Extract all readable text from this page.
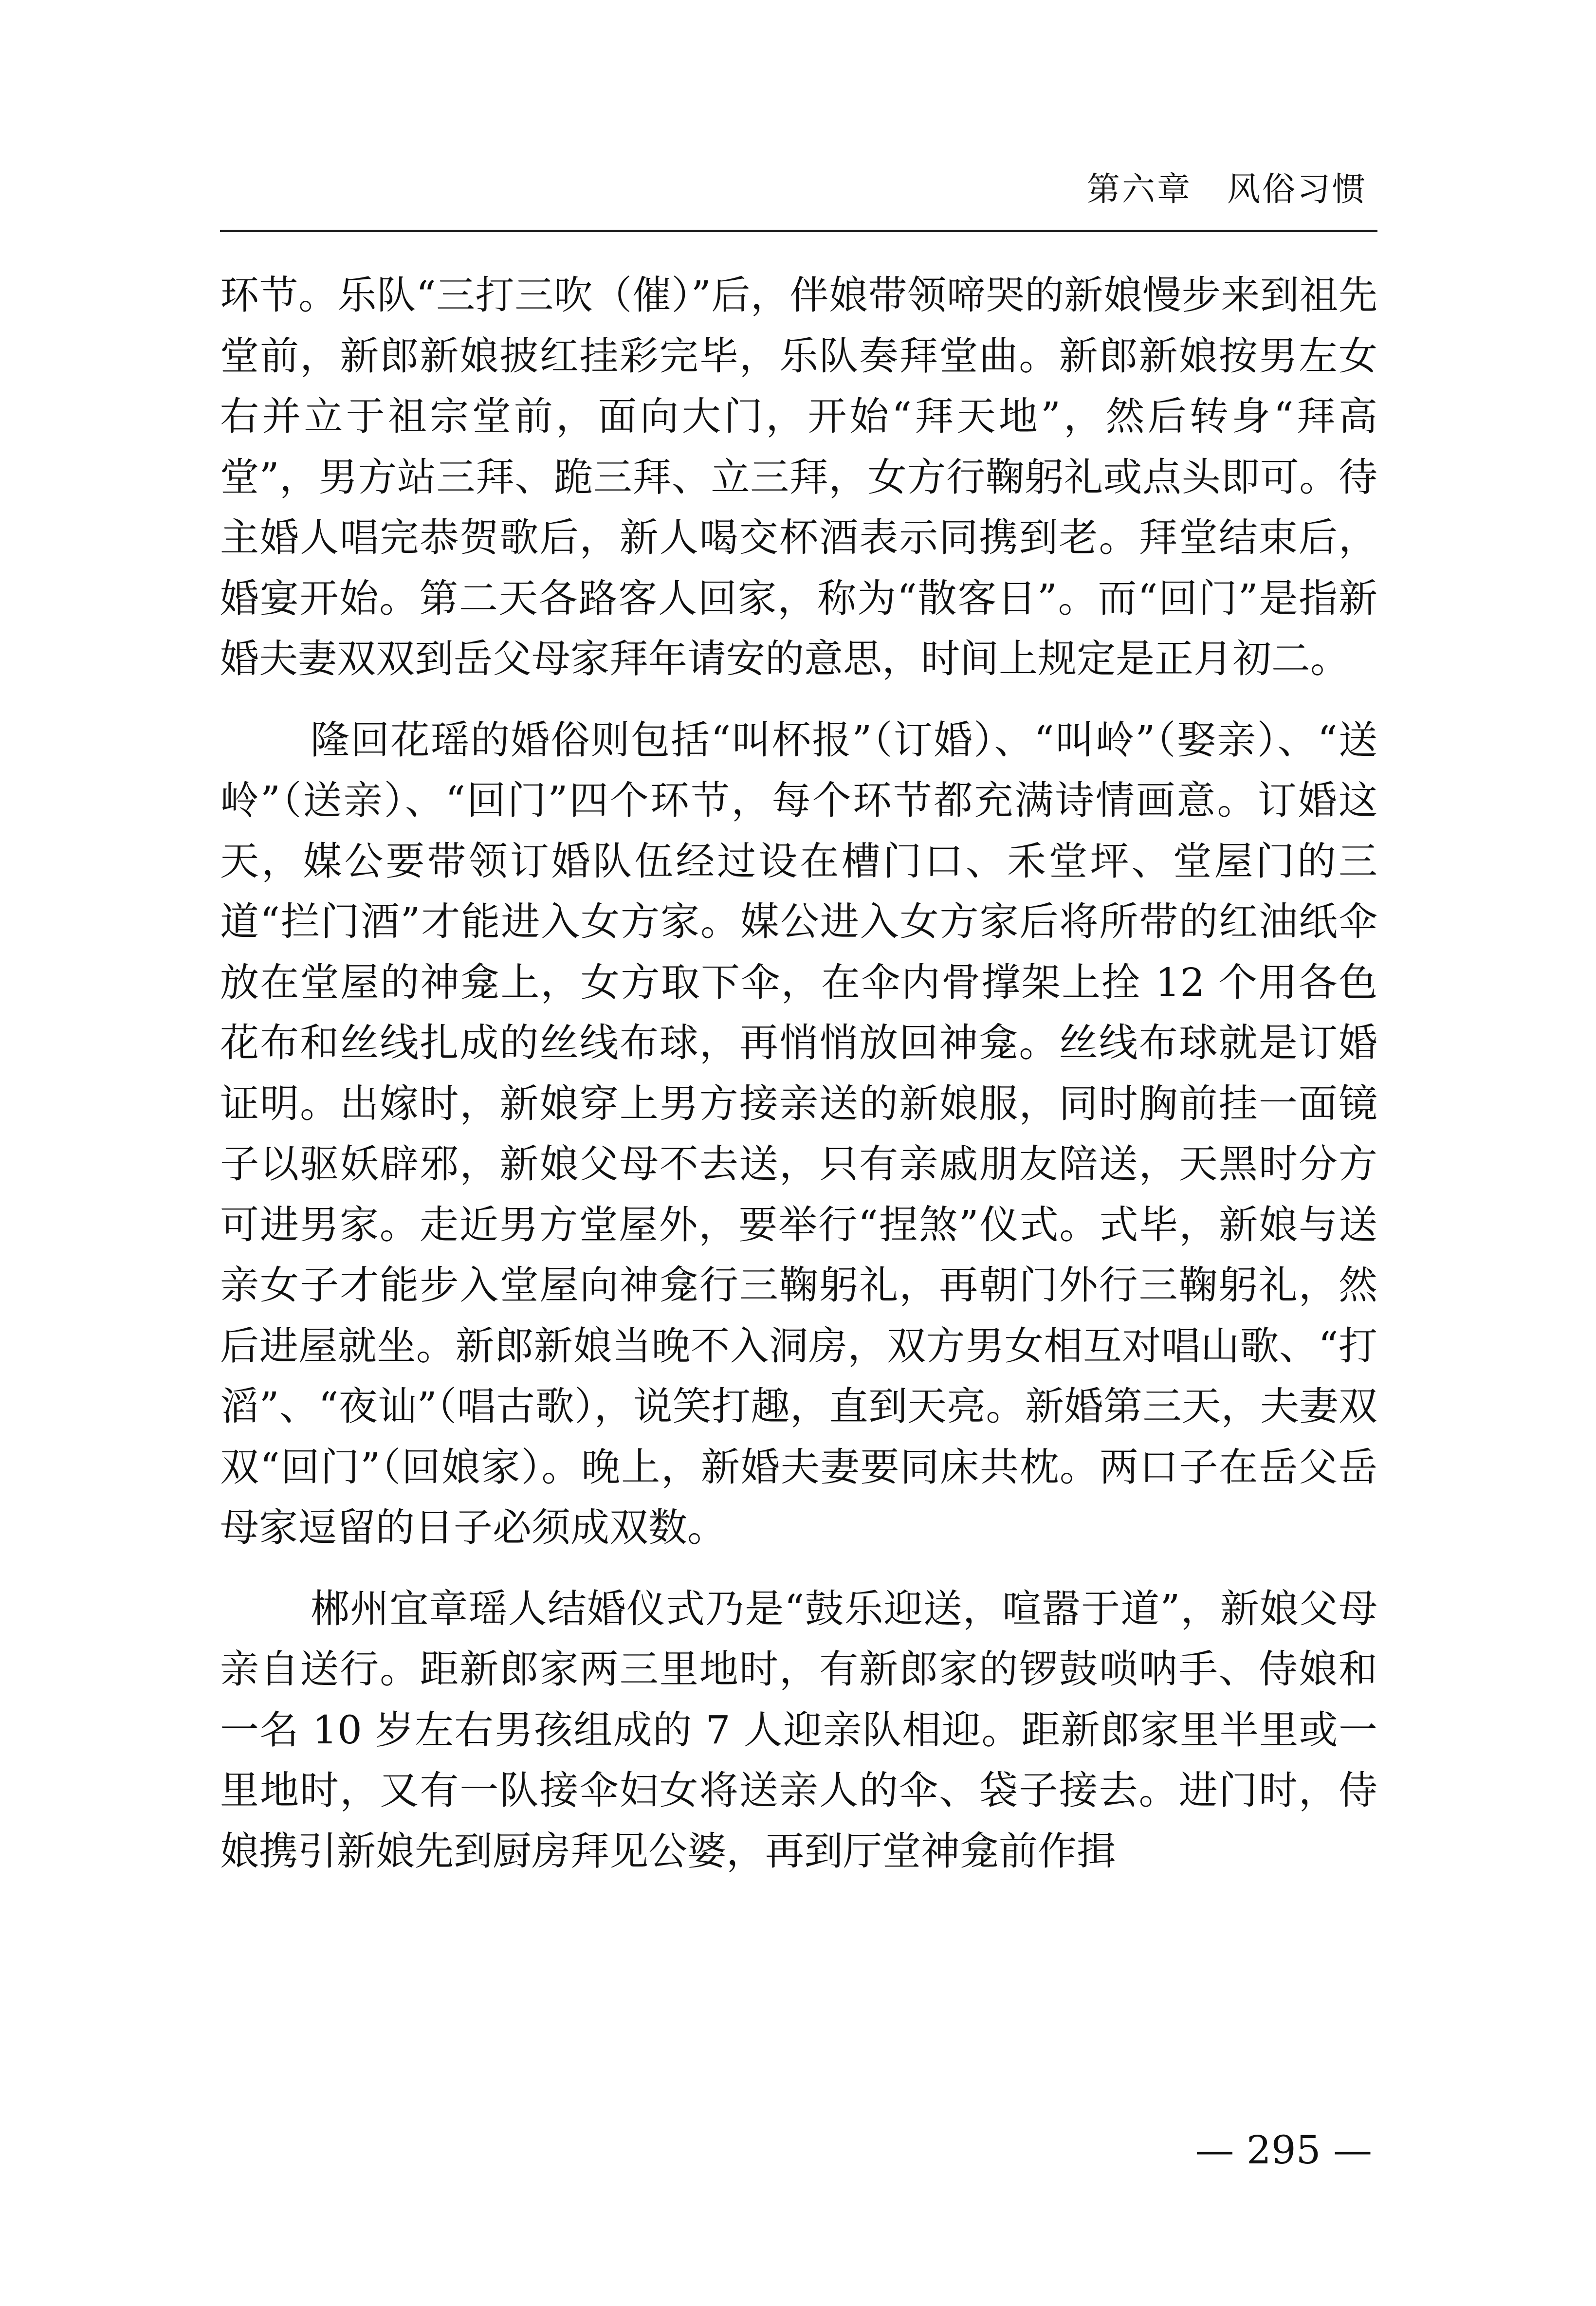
第六章　风俗习惯

环节。乐队“三打三吹（催）”后，伴娘带领啼哭的新娘慢步来到祖先堂前，新郎新娘披红挂彩完毕，乐队奏拜堂曲。新郎新娘按男左女右并立于祖宗堂前，面向大门，开始“拜天地”，然后转身“拜高堂”，男方站三拜、跪三拜、立三拜，女方行鞠躬礼或点头即可。待主婚人唱完恭贺歌后，新人喝交杯酒表示同携到老。拜堂结束后，婚宴开始。第二天各路客人回家，称为“散客日”。而“回门”是指新婚夫妻双双到岳父母家拜年请安的意思，时间上规定是正月初二。

隆回花瑶的婚俗则包括“叫杯报”（订婚）、“叫岭”（娶亲）、“送岭”（送亲）、“回门”四个环节，每个环节都充满诗情画意。订婚这天，媒公要带领订婚队伍经过设在槽门口、禾堂坪、堂屋门的三道“拦门酒”才能进入女方家。媒公进入女方家后将所带的红油纸伞放在堂屋的神龛上，女方取下伞，在伞内骨撑架上拴 12 个用各色花布和丝线扎成的丝线布球，再悄悄放回神龛。丝线布球就是订婚证明。出嫁时，新娘穿上男方接亲送的新娘服，同时胸前挂一面镜子以驱妖辟邪，新娘父母不去送，只有亲戚朋友陪送，天黑时分方可进男家。走近男方堂屋外，要举行“捏煞”仪式。式毕，新娘与送亲女子才能步入堂屋向神龛行三鞠躬礼，再朝门外行三鞠躬礼，然后进屋就坐。新郎新娘当晚不入洞房，双方男女相互对唱山歌、“打滔”、“夜讪”（唱古歌），说笑打趣，直到天亮。新婚第三天，夫妻双双“回门”（回娘家）。晚上，新婚夫妻要同床共枕。两口子在岳父岳母家逗留的日子必须成双数。

郴州宜章瑶人结婚仪式乃是“鼓乐迎送，喧嚣于道”，新娘父母亲自送行。距新郎家两三里地时，有新郎家的锣鼓唢呐手、侍娘和一名 10 岁左右男孩组成的 7 人迎亲队相迎。距新郎家里半里或一里地时，又有一队接伞妇女将送亲人的伞、袋子接去。进门时，侍娘携引新娘先到厨房拜见公婆，再到厅堂神龛前作揖

— 295 —
